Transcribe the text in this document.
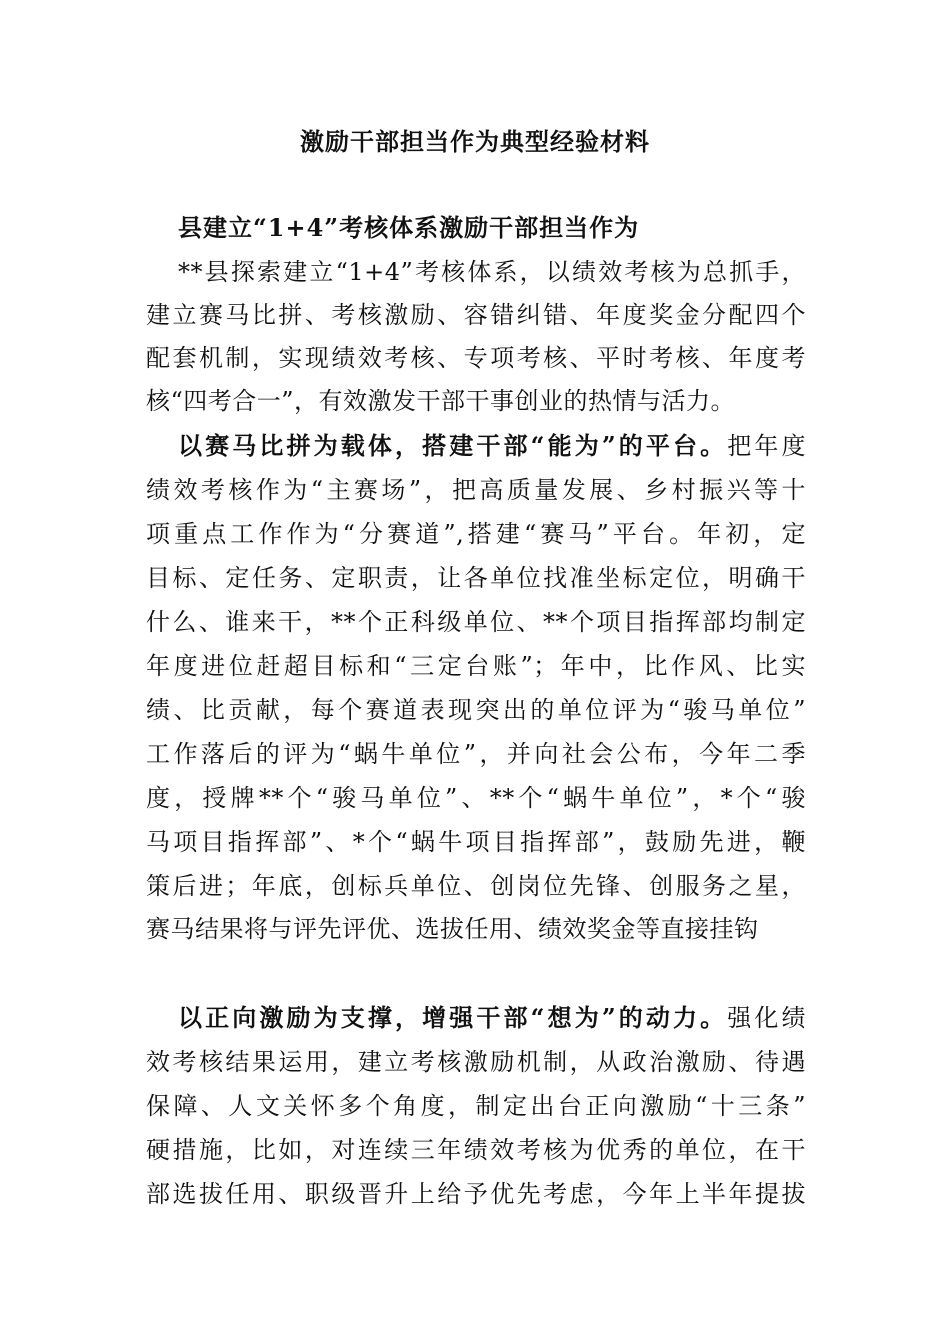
激励干部担当作为典型经验材料
县建立“1+4”考核体系激励干部担当作为
**县探索建立“1+4”考核体系，以绩效考核为总抓手，
建立赛马比拼、考核激励、容错纠错、年度奖金分配四个
配套机制，实现绩效考核、专项考核、平时考核、年度考
核“四考合一”，有效激发干部干事创业的热情与活力。
以赛马比拼为载体，搭建干部“能为”的平台。把年度
绩效考核作为“主赛场”，把高质量发展、乡村振兴等十
项重点工作作为“分赛道”,搭建“赛马”平台。年初，定
目标、定任务、定职责，让各单位找准坐标定位，明确干
什么、谁来干，**个正科级单位、**个项目指挥部均制定
年度进位赶超目标和“三定台账”；年中，比作风、比实
绩、比贡献，每个赛道表现突出的单位评为“骏马单位”
工作落后的评为“蜗牛单位”，并向社会公布，今年二季
度，授牌**个“骏马单位”、**个“蜗牛单位”，*个“骏
马项目指挥部”、*个“蜗牛项目指挥部”，鼓励先进，鞭
策后进；年底，创标兵单位、创岗位先锋、创服务之星，
赛马结果将与评先评优、选拔任用、绩效奖金等直接挂钩
以正向激励为支撑，增强干部“想为”的动力。强化绩
效考核结果运用，建立考核激励机制，从政治激励、待遇
保障、人文关怀多个角度，制定出台正向激励“十三条”
硬措施，比如，对连续三年绩效考核为优秀的单位，在干
部选拔任用、职级晋升上给予优先考虑，今年上半年提拔
